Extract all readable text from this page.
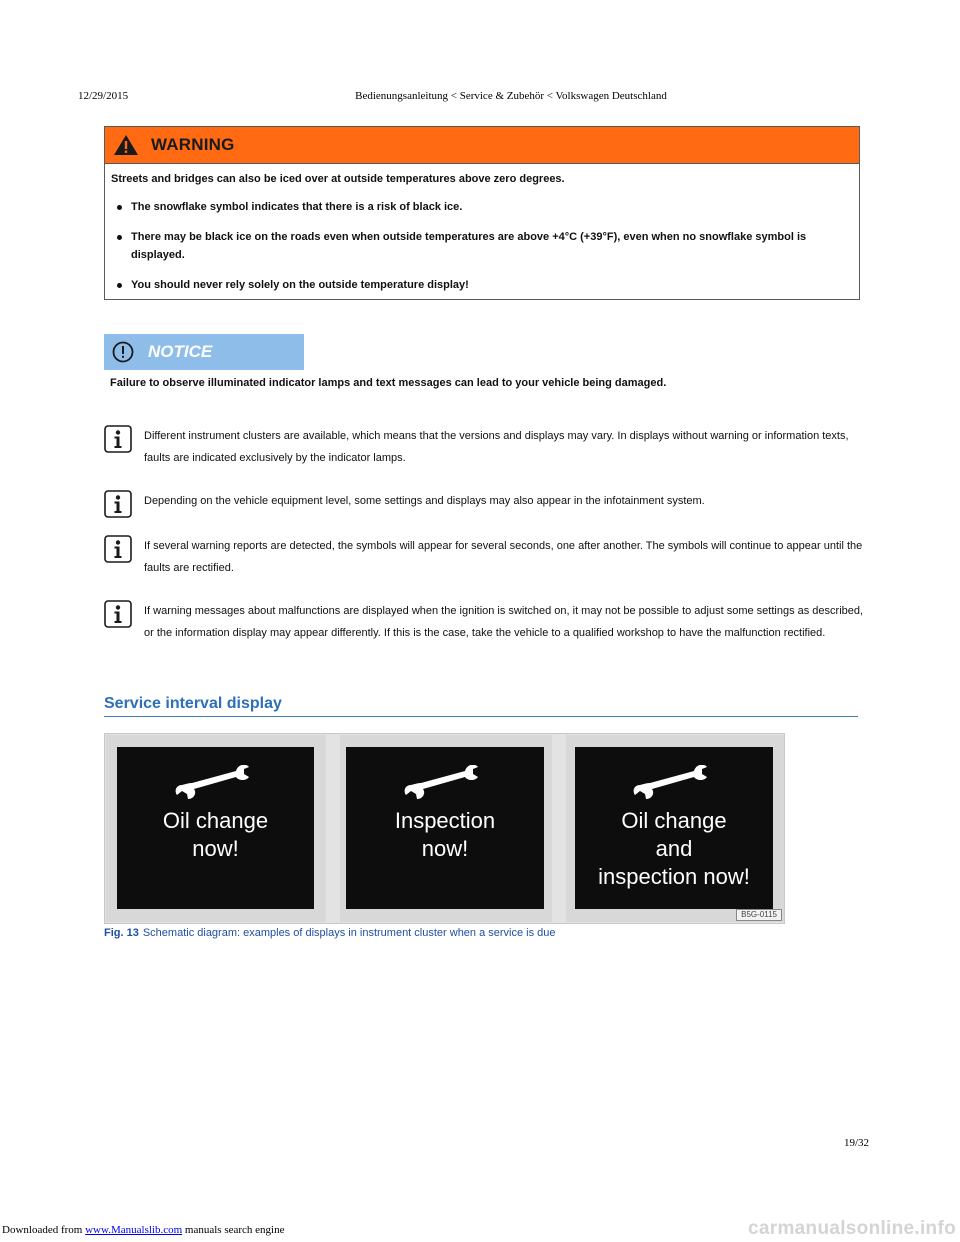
12/29/2015	Bedienungsanleitung < Service & Zubehör < Volkswagen Deutschland
WARNING

Streets and bridges can also be iced over at outside temperatures above zero degrees.

The snowflake symbol indicates that there is a risk of black ice.
There may be black ice on the roads even when outside temperatures are above +4°C (+39°F), even when no snowflake symbol is displayed.
You should never rely solely on the outside temperature display!
NOTICE

Failure to observe illuminated indicator lamps and text messages can lead to your vehicle being damaged.

Different instrument clusters are available, which means that the versions and displays may vary. In displays without warning or information texts, faults are indicated exclusively by the indicator lamps.
Depending on the vehicle equipment level, some settings and displays may also appear in the infotainment system.
If several warning reports are detected, the symbols will appear for several seconds, one after another. The symbols will continue to appear until the faults are rectified.
If warning messages about malfunctions are displayed when the ignition is switched on, it may not be possible to adjust some settings as described, or the information display may appear differently. If this is the case, take the vehicle to a qualified workshop to have the malfunction rectified.
Service interval display
Oil change
now!
Inspection
now!
Oil change
and
inspection now!
B5G-0115

Fig. 13 Schematic diagram: examples of displays in instrument cluster when a service is due

19/32
Downloaded from www.Manualslib.com manuals search engine	carmanualsonline.info
